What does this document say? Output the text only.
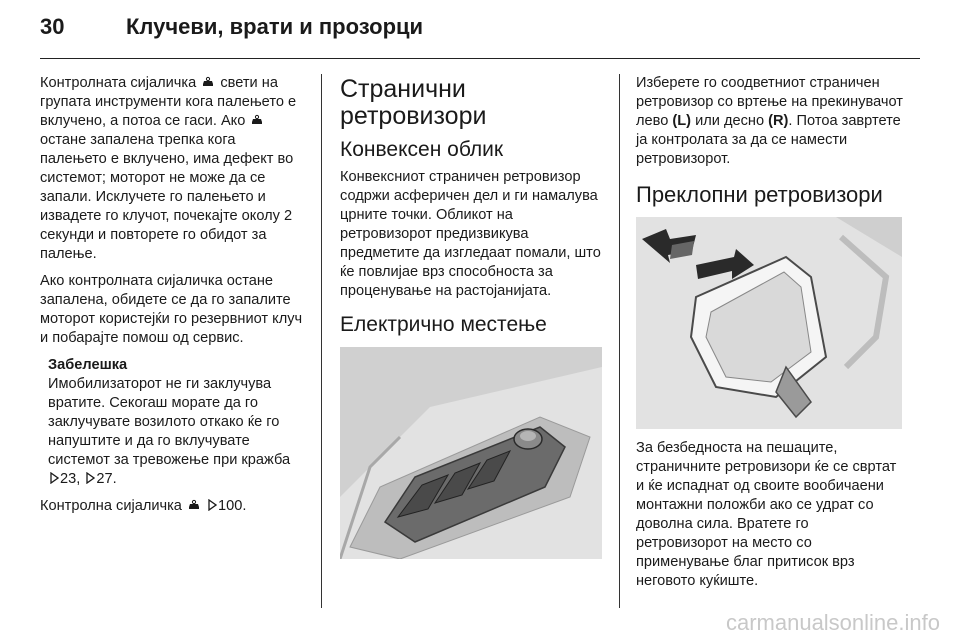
30	Клучеви, врати и прозорци

Контролната сијаличка свети на групата инструменти кога палењето е вклучено, а потоа се гаси. Ако  остане запалена трепка кога палењето е вклучено, има дефект во системот; моторот не може да се запали. Исклучете го палењето и извадете го клучот, почекајте околу 2 секунди и повторете го обидот за палење.

Ако контролната сијаличка остане запалена, обидете се да го запалите моторот користејќи го резервниот клуч и побарајте помош од сервис.

Забелешка
Имобилизаторот не ги заклучува вратите. Секогаш морате да го заклучувате возилото откако ќе го напуштите и да го вклучувате системот за тревожење при кражба 23, 27.

Контролна сијаличка 100.

Странични ретровизори
Конвексен облик

Конвексниот страничен ретровизор содржи асферичен дел и ги намалува црните точки. Обликот на ретровизорот предизвикува предметите да изгледаат помали, што ќе повлијае врз способноста за проценување на растојанијата.

Електрично местење

Изберете го соодветниот страничен ретровизор со вртење на прекинувачот лево (L) или десно (R). Потоа завртете ја контролата за да се намести ретровизорот.

Преклопни ретровизори

За безбедноста на пешаците, страничните ретровизори ќе се свртат и ќе испаднат од своите вообичаени монтажни положби ако се удрат со доволна сила. Вратете го ретровизорот на место со применување благ притисок врз неговото куќиште.

carmanualsonline.info
